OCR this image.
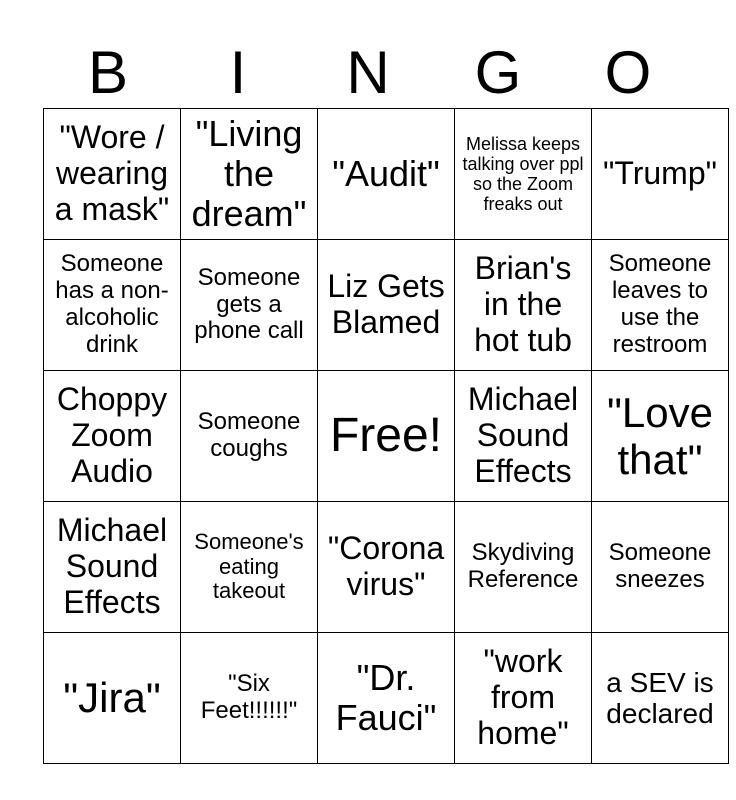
B	I	N	G	O
"Wore / wearing a mask"	"Living the dream"	"Audit"	Melissa keeps talking over ppl so the Zoom freaks out	"Trump"
Someone has a non-alcoholic drink	Someone gets a phone call	Liz Gets Blamed	Brian's in the hot tub	Someone leaves to use the restroom
Choppy Zoom Audio	Someone coughs	Free!	Michael Sound Effects	"Love that"
Michael Sound Effects	Someone's eating takeout	"Corona virus"	Skydiving Reference	Someone sneezes
"Jira"	"Six Feet!!!!!!"	"Dr. Fauci"	"work from home"	a SEV is declared
